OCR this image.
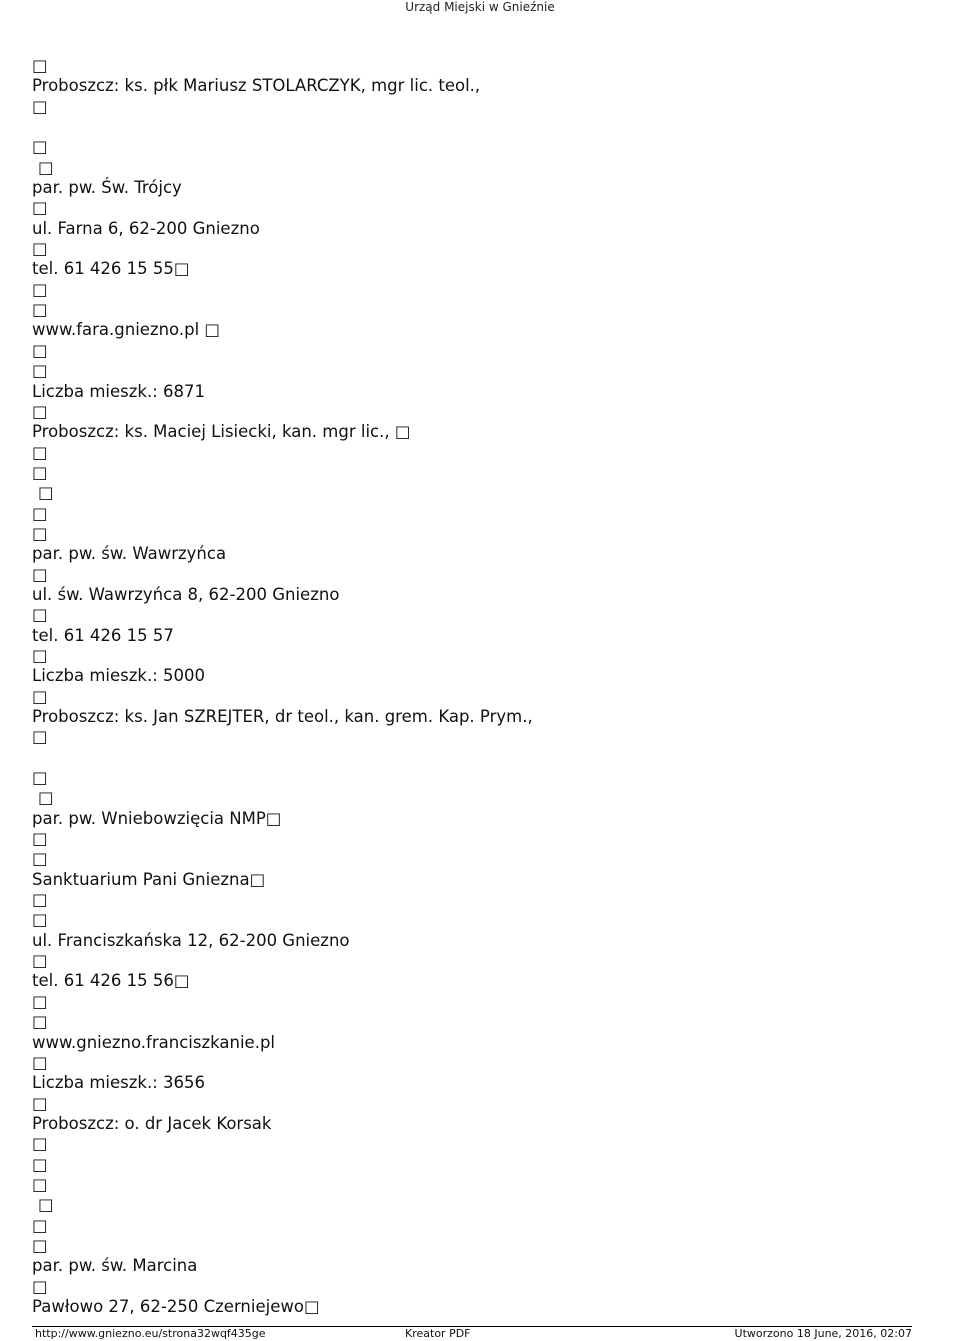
Urząd Miejski w Gnieźnie
□
Proboszcz: ks. płk Mariusz STOLARCZYK, mgr lic. teol.,
□
□
□
par. pw. Św. Trójcy
□
ul. Farna 6, 62-200 Gniezno
□
tel. 61 426 15 55□
□
□
www.fara.gniezno.pl □
□
□
Liczba mieszk.: 6871
□
Proboszcz: ks. Maciej Lisiecki, kan. mgr lic., □
□
□
□
□
□
par. pw. św. Wawrzyńca
□
ul. św. Wawrzyńca 8, 62-200 Gniezno
□
tel. 61 426 15 57
□
Liczba mieszk.: 5000
□
Proboszcz: ks. Jan SZREJTER, dr teol., kan. grem. Kap. Prym.,
□
□
□
par. pw. Wniebowzięcia NMP□
□
□
Sanktuarium Pani Gniezna□
□
□
ul. Franciszkańska 12, 62-200 Gniezno
□
tel. 61 426 15 56□
□
□
www.gniezno.franciszkanie.pl
□
Liczba mieszk.: 3656
□
Proboszcz: o. dr Jacek Korsak
□
□
□
□
□
□
par. pw. św. Marcina
□
Pawłowo 27, 62-250 Czerniejewo□
http://www.gniezno.eu/strona32wqf435ge	Kreator PDF	Utworzono 18 June, 2016, 02:07
